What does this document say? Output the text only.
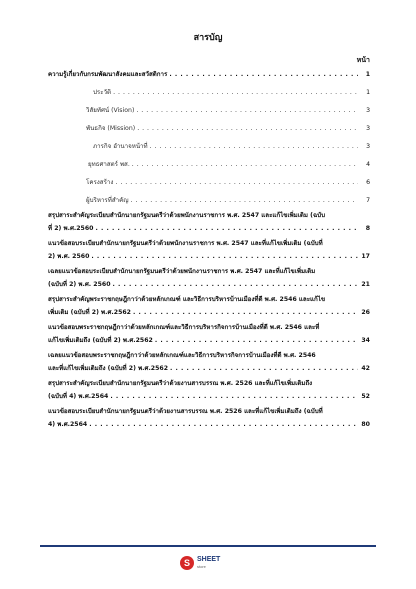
สารบัญ
หน้า
ความรู้เกี่ยวกับกรมพัฒนาสังคมและสวัสดิการ . . .	1
ประวัติ . . .	1
วิสัยทัศน์ (Vision) . . .	3
พันธกิจ (Mission) . . .	3
ภารกิจ อำนาจหน้าที่ . . .	3
ยุทธศาสตร์ พส. . . .	4
โครงสร้าง . . .	6
ผู้บริหารที่สำคัญ . . .	7
สรุปสาระสำคัญระเบียบสำนักนายกรัฐมนตรีว่าด้วยพนักงานราชการ พ.ศ. 2547 และแก้ไขเพิ่มเติม (ฉบับ
ที่ 2) พ.ศ.2560 . . .	8
แนวข้อสอบระเบียบสำนักนายกรัฐมนตรีว่าด้วยพนักงานราชการ พ.ศ. 2547 และที่แก้ไขเพิ่มเติม (ฉบับที่
2) พ.ศ. 2560 . . .	17
เฉลยแนวข้อสอบระเบียบสำนักนายกรัฐมนตรีว่าด้วยพนักงานราชการ พ.ศ. 2547 และที่แก้ไขเพิ่มเติม
(ฉบับที่ 2) พ.ศ. 2560 . . .	21
สรุปสาระสำคัญพระราชกฤษฎีกาว่าด้วยหลักเกณฑ์ และวิธีการบริหารบ้านเมืองที่ดี พ.ศ. 2546 และแก้ไข
เพิ่มเติม (ฉบับที่ 2) พ.ศ.2562 . . .	26
แนวข้อสอบพระราชกฤษฎีกาว่าด้วยหลักเกณฑ์และวิธีการบริหารกิจการบ้านเมืองที่ดี พ.ศ. 2546 และที่
แก้ไขเพิ่มเติมถึง (ฉบับที่ 2) พ.ศ.2562 . . .	34
เฉลยแนวข้อสอบพระราชกฤษฎีกาว่าด้วยหลักเกณฑ์และวิธีการบริหารกิจการบ้านเมืองที่ดี พ.ศ. 2546
และที่แก้ไขเพิ่มเติมถึง (ฉบับที่ 2) พ.ศ.2562 . . .	42
สรุปสาระสำคัญระเบียบสำนักนายกรัฐมนตรีว่าด้วยงานสารบรรณ พ.ศ. 2526 และที่แก้ไขเพิ่มเติมถึง
(ฉบับที่ 4) พ.ศ.2564 . . .	52
แนวข้อสอบระเบียบสำนักนายกรัฐมนตรีว่าด้วยงานสารบรรณ พ.ศ. 2526 และที่แก้ไขเพิ่มเติมถึง (ฉบับที่
4) พ.ศ.2564 . . .	80
S	SHEET
store
